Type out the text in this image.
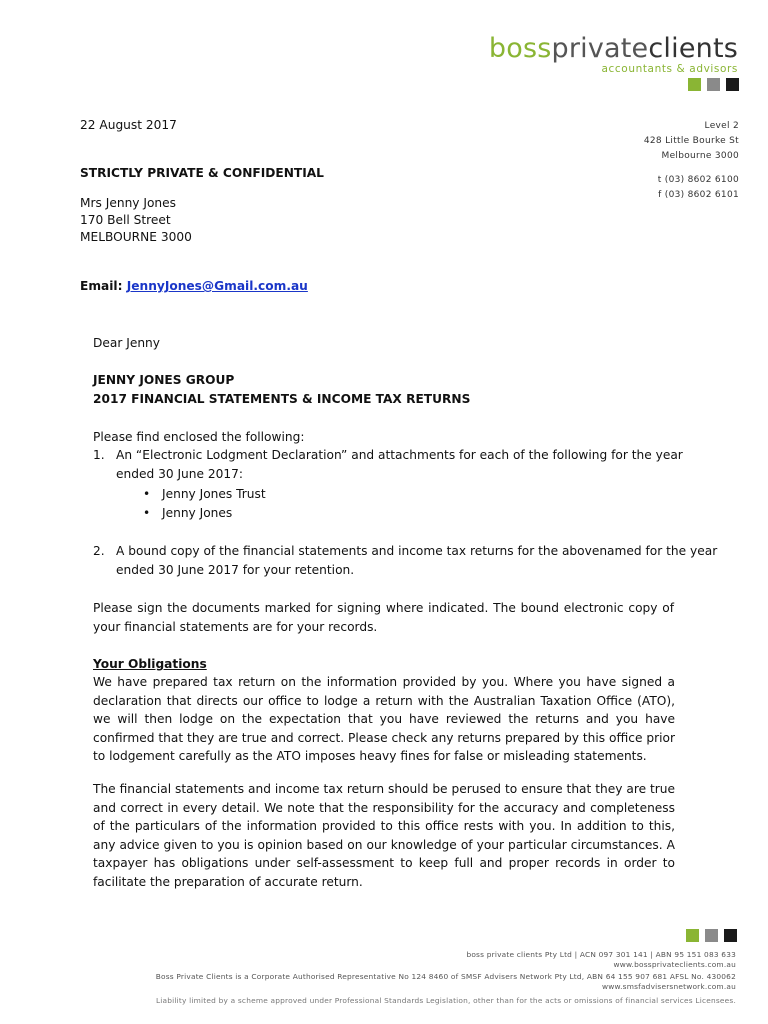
bossprivateclients
accountants & advisors
Level 2
428 Little Bourke St
Melbourne 3000
t (03) 8602 6100
f (03) 8602 6101
22 August 2017
STRICTLY PRIVATE & CONFIDENTIAL
Mrs Jenny Jones
170 Bell Street
MELBOURNE 3000
Email: JennyJones@Gmail.com.au
Dear Jenny
JENNY JONES GROUP
2017 FINANCIAL STATEMENTS & INCOME TAX RETURNS
Please find enclosed the following:
1. An “Electronic Lodgment Declaration” and attachments for each of the following for the year
ended 30 June 2017:
• Jenny Jones Trust
• Jenny Jones
2. A bound copy of the financial statements and income tax returns for the abovenamed for the year
ended 30 June 2017 for your retention.
Please sign the documents marked for signing where indicated. The bound electronic copy of your financial statements are for your records.
Your Obligations
We have prepared tax return on the information provided by you. Where you have signed a declaration that directs our office to lodge a return with the Australian Taxation Office (ATO), we will then lodge on the expectation that you have reviewed the returns and you have confirmed that they are true and correct. Please check any returns prepared by this office prior to lodgement carefully as the ATO imposes heavy fines for false or misleading statements.
The financial statements and income tax return should be perused to ensure that they are true and correct in every detail. We note that the responsibility for the accuracy and completeness of the particulars of the information provided to this office rests with you. In addition to this, any advice given to you is opinion based on our knowledge of your particular circumstances. A taxpayer has obligations under self-assessment to keep full and proper records in order to facilitate the preparation of accurate return.
boss private clients Pty Ltd | ACN 097 301 141 | ABN 95 151 083 633
www.bossprivateclients.com.au
Boss Private Clients is a Corporate Authorised Representative No 124 8460 of SMSF Advisers Network Pty Ltd, ABN 64 155 907 681 AFSL No. 430062
www.smsfadvisersnetwork.com.au
Liability limited by a scheme approved under Professional Standards Legislation, other than for the acts or omissions of financial services Licensees.
